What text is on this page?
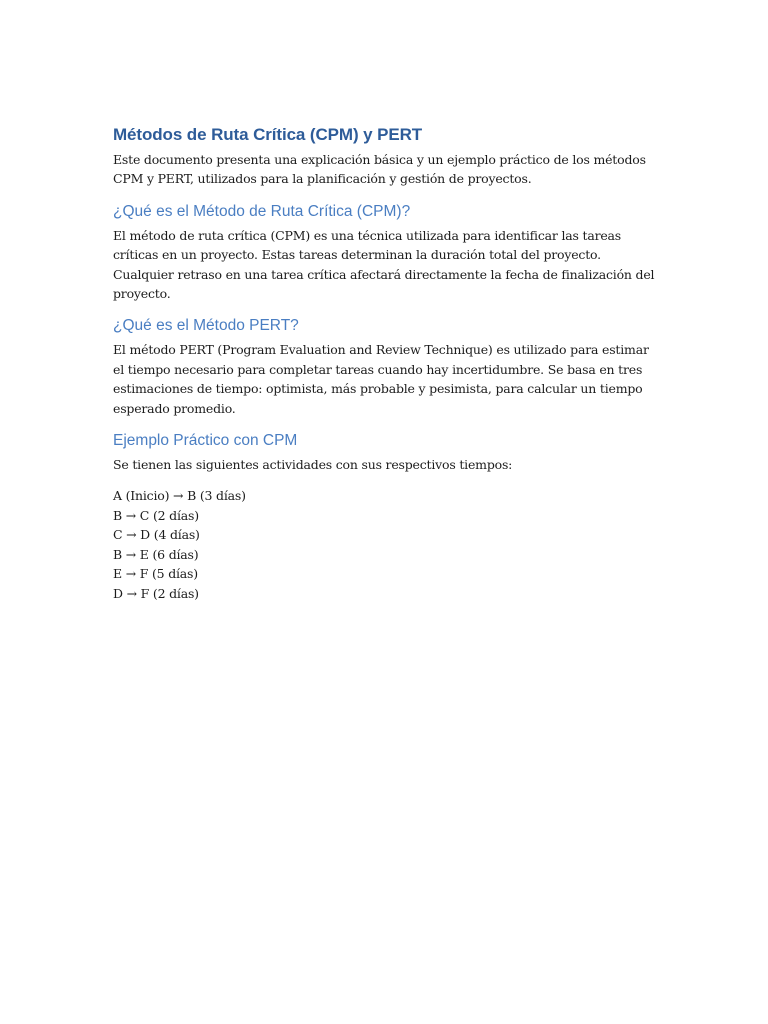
Métodos de Ruta Crítica (CPM) y PERT

Este documento presenta una explicación básica y un ejemplo práctico de los métodos CPM y PERT, utilizados para la planificación y gestión de proyectos.

¿Qué es el Método de Ruta Crítica (CPM)?

El método de ruta crítica (CPM) es una técnica utilizada para identificar las tareas críticas en un proyecto. Estas tareas determinan la duración total del proyecto. Cualquier retraso en una tarea crítica afectará directamente la fecha de finalización del proyecto.

¿Qué es el Método PERT?

El método PERT (Program Evaluation and Review Technique) es utilizado para estimar el tiempo necesario para completar tareas cuando hay incertidumbre. Se basa en tres estimaciones de tiempo: optimista, más probable y pesimista, para calcular un tiempo esperado promedio.

Ejemplo Práctico con CPM

Se tienen las siguientes actividades con sus respectivos tiempos:

A (Inicio) → B (3 días)
B → C (2 días)
C → D (4 días)
B → E (6 días)
E → F (5 días)
D → F (2 días)
